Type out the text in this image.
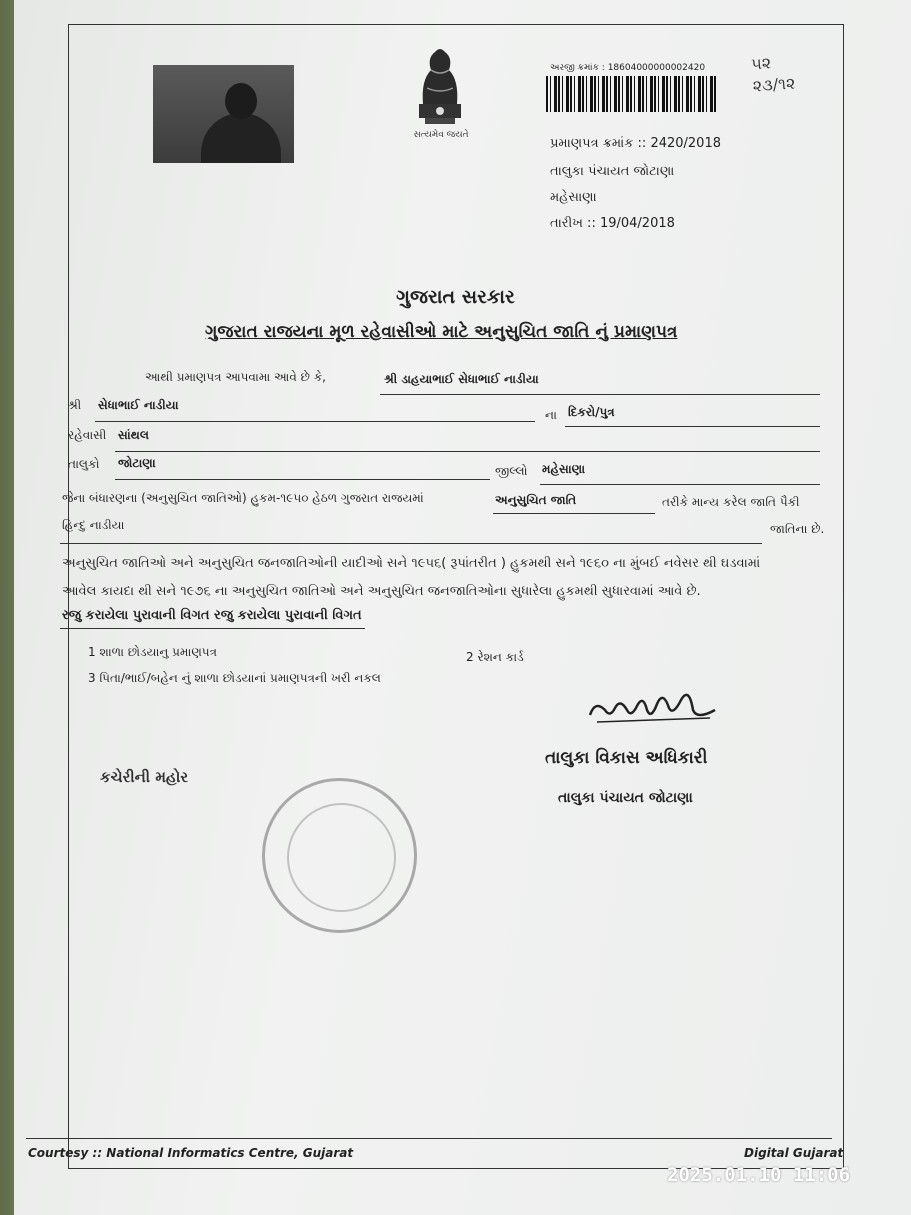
સત્યમેવ જયતે
અરજી ક્રમાંક : 18604000000002420
પ્રમાણપત્ર ક્રમાંક :: 2420/2018
તાલુકા પંચાયત જોટાણા
મહેસાણા
તારીખ :: 19/04/2018
૫૨
૨૩/૧૨
ગુજરાત સરકાર
ગુજરાત રાજયના મૂળ રહેવાસીઓ માટે અનુસુચિત જાતિ નું પ્રમાણપત્ર
આથી પ્રમાણપત્ર આપવામા આવે છે કે,	શ્રી ડાહયાભાઈ સેધાભાઈ નાડીયા
શ્રી સેધાભાઈ નાડીયા
ના દિકરો/પુત્ર
રહેવાસી સાંથલ
તાલુકો જોટાણા
જીલ્લો મહેસાણા
જેના બંધારણના (અનુસુચિત જાતિઓ) હુકમ-૧૯૫૦ હેઠળ ગુજરાત રાજયમાં	અનુસુચિત જાતિ	તરીકે માન્ય કરેલ જાતિ પૈકી
હિન્દુ નાડીયા	જાતિના છે.
અનુસુચિત જાતિઓ અને અનુસુચિત જનજાતિઓની યાદીઓ સને ૧૯૫૬( રૂપાંતરીત ) હુકમથી સને ૧૯૬૦ ના મુંબઈ નવેસર થી ઘડવામાં
આવેલ કાયદા થી સને ૧૯૭૬ ના અનુસુચિત જાતિઓ અને અનુસુચિત જનજાતિઓના સુધારેલા હુકમથી સુધારવામાં આવે છે.
રજુ કરાયેલા પુરાવાની વિગત રજુ કરાયેલા પુરાવાની વિગત
1 શાળા છોડયાનુ પ્રમાણપત્ર	2 રેશન કાર્ડ
3 પિતા/ભાઈ/બહેન નું શાળા છોડયાનાં પ્રમાણપત્રની ખરી નકલ
કચેરીની મહોર
તાલુકા વિકાસ અધિકારી
તાલુકા પંચાયત જોટાણા
Courtesy :: National Informatics Centre, Gujarat	Digital Gujarat
2025.01.10 11:06
